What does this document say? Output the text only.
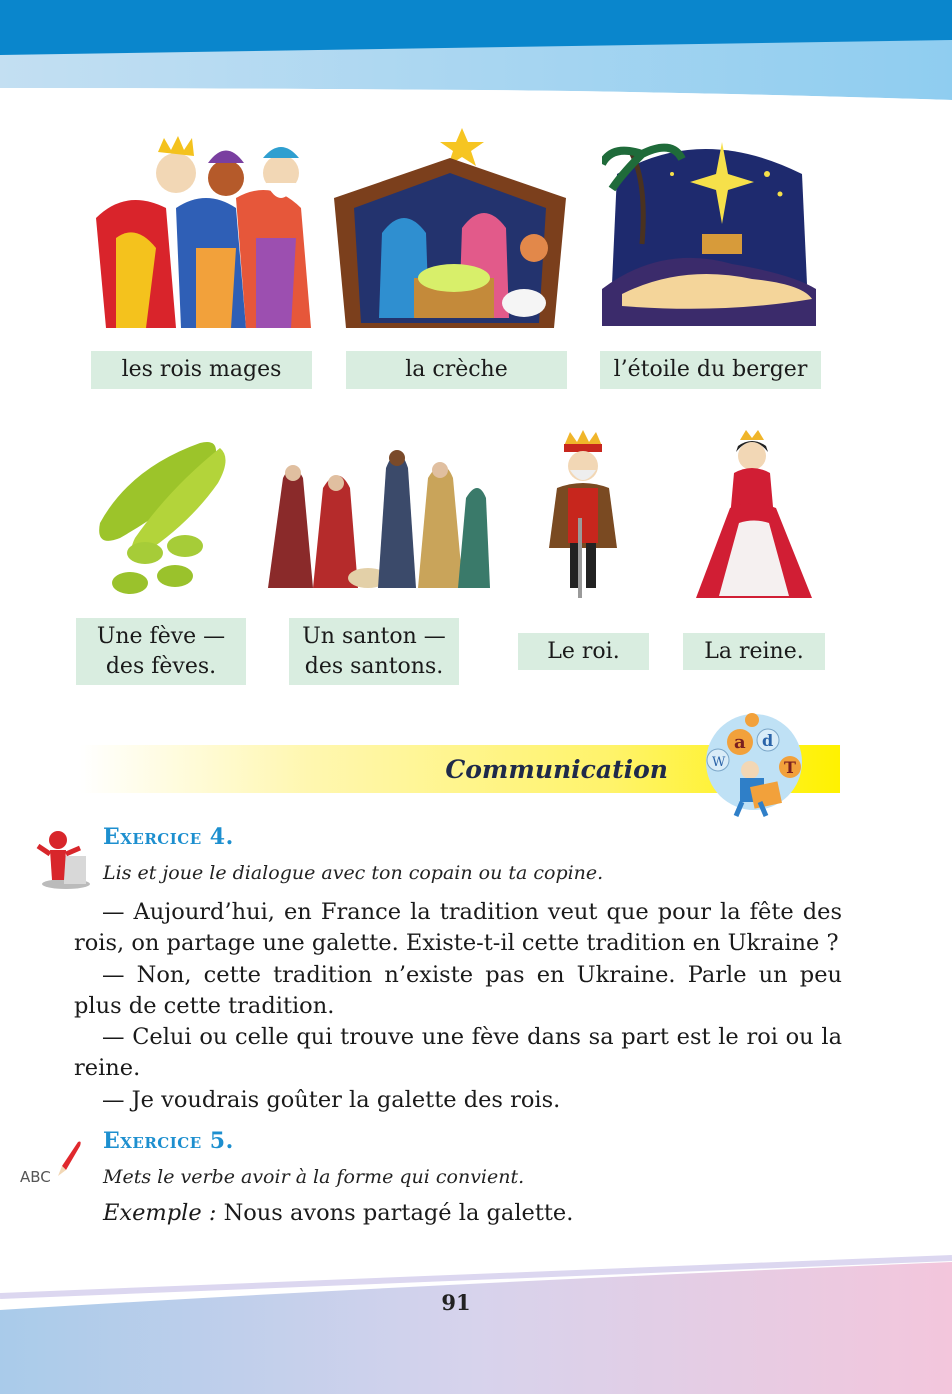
les rois mages	la crèche	l’étoile du berger
Une fève —
des fèves.
Un santon —
des santons.
Le roi.	La reine.
Communication
a d
T
W
Exercice 4.
Lis et joue le dialogue avec ton copain ou ta copine.

— Aujourd’hui, en France la tradition veut que pour la fête des rois, on partage une galette. Existe-t-il cette tradition en Ukraine ?

— Non, cette tradition n’existe pas en Ukraine. Parle un peu plus de cette tradition.

— Celui ou celle qui trouve une fève dans sa part est le roi ou la reine.

— Je voudrais goûter la galette des rois.

ABC
Exercice 5.
Mets le verbe avoir à la forme qui convient.
Exemple : Nous avons partagé la galette.
91
